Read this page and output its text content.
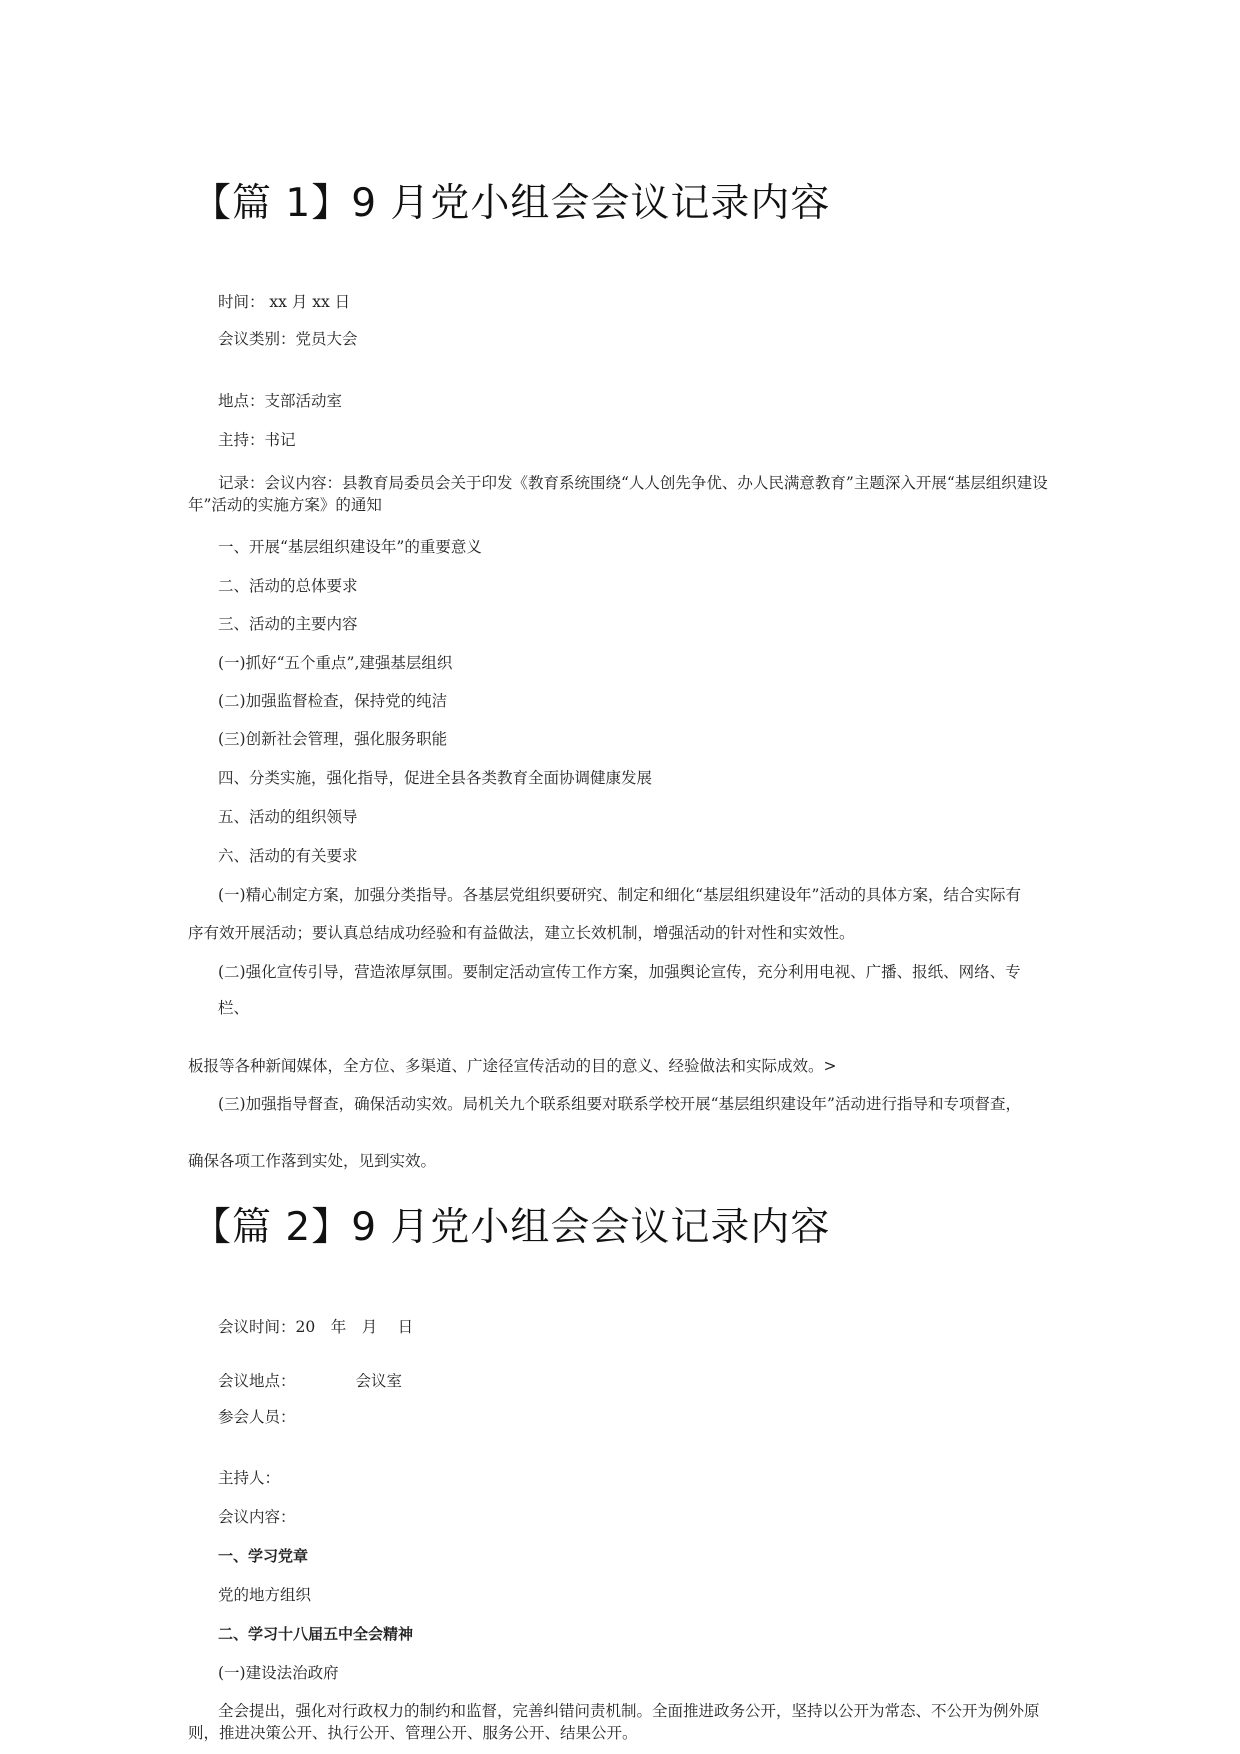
【篇 1】9 月党小组会会议记录内容

时间： xx 月 xx 日

会议类别：党员大会

地点：支部活动室

主持：书记

记录：会议内容：县教育局委员会关于印发《教育系统围绕“人人创先争优、办人民满意教育”主题深入开展“基层组织建设年”活动的实施方案》的通知

一、开展“基层组织建设年”的重要意义

二、活动的总体要求

三、活动的主要内容

(一)抓好“五个重点”,建强基层组织

(二)加强监督检查，保持党的纯洁

(三)创新社会管理，强化服务职能

四、分类实施，强化指导，促进全县各类教育全面协调健康发展

五、活动的组织领导

六、活动的有关要求

(一)精心制定方案，加强分类指导。各基层党组织要研究、制定和细化“基层组织建设年”活动的具体方案，结合实际有

序有效开展活动；要认真总结成功经验和有益做法，建立长效机制，增强活动的针对性和实效性。

(二)强化宣传引导，营造浓厚氛围。要制定活动宣传工作方案，加强舆论宣传，充分利用电视、广播、报纸、网络、专

栏、

板报等各种新闻媒体，全方位、多渠道、广途径宣传活动的目的意义、经验做法和实际成效。>

(三)加强指导督查，确保活动实效。局机关九个联系组要对联系学校开展“基层组织建设年”活动进行指导和专项督查，

确保各项工作落到实处，见到实效。

【篇 2】9 月党小组会会议记录内容

会议时间：20　年　月　 日

会议地点：	会议室

参会人员：

主持人：

会议内容：

一、学习党章

党的地方组织

二、学习十八届五中全会精神

(一)建设法治政府

全会提出，强化对行政权力的制约和监督，完善纠错问责机制。全面推进政务公开，坚持以公开为常态、不公开为例外原 则，推进决策公开、执行公开、管理公开、服务公开、结果公开。
